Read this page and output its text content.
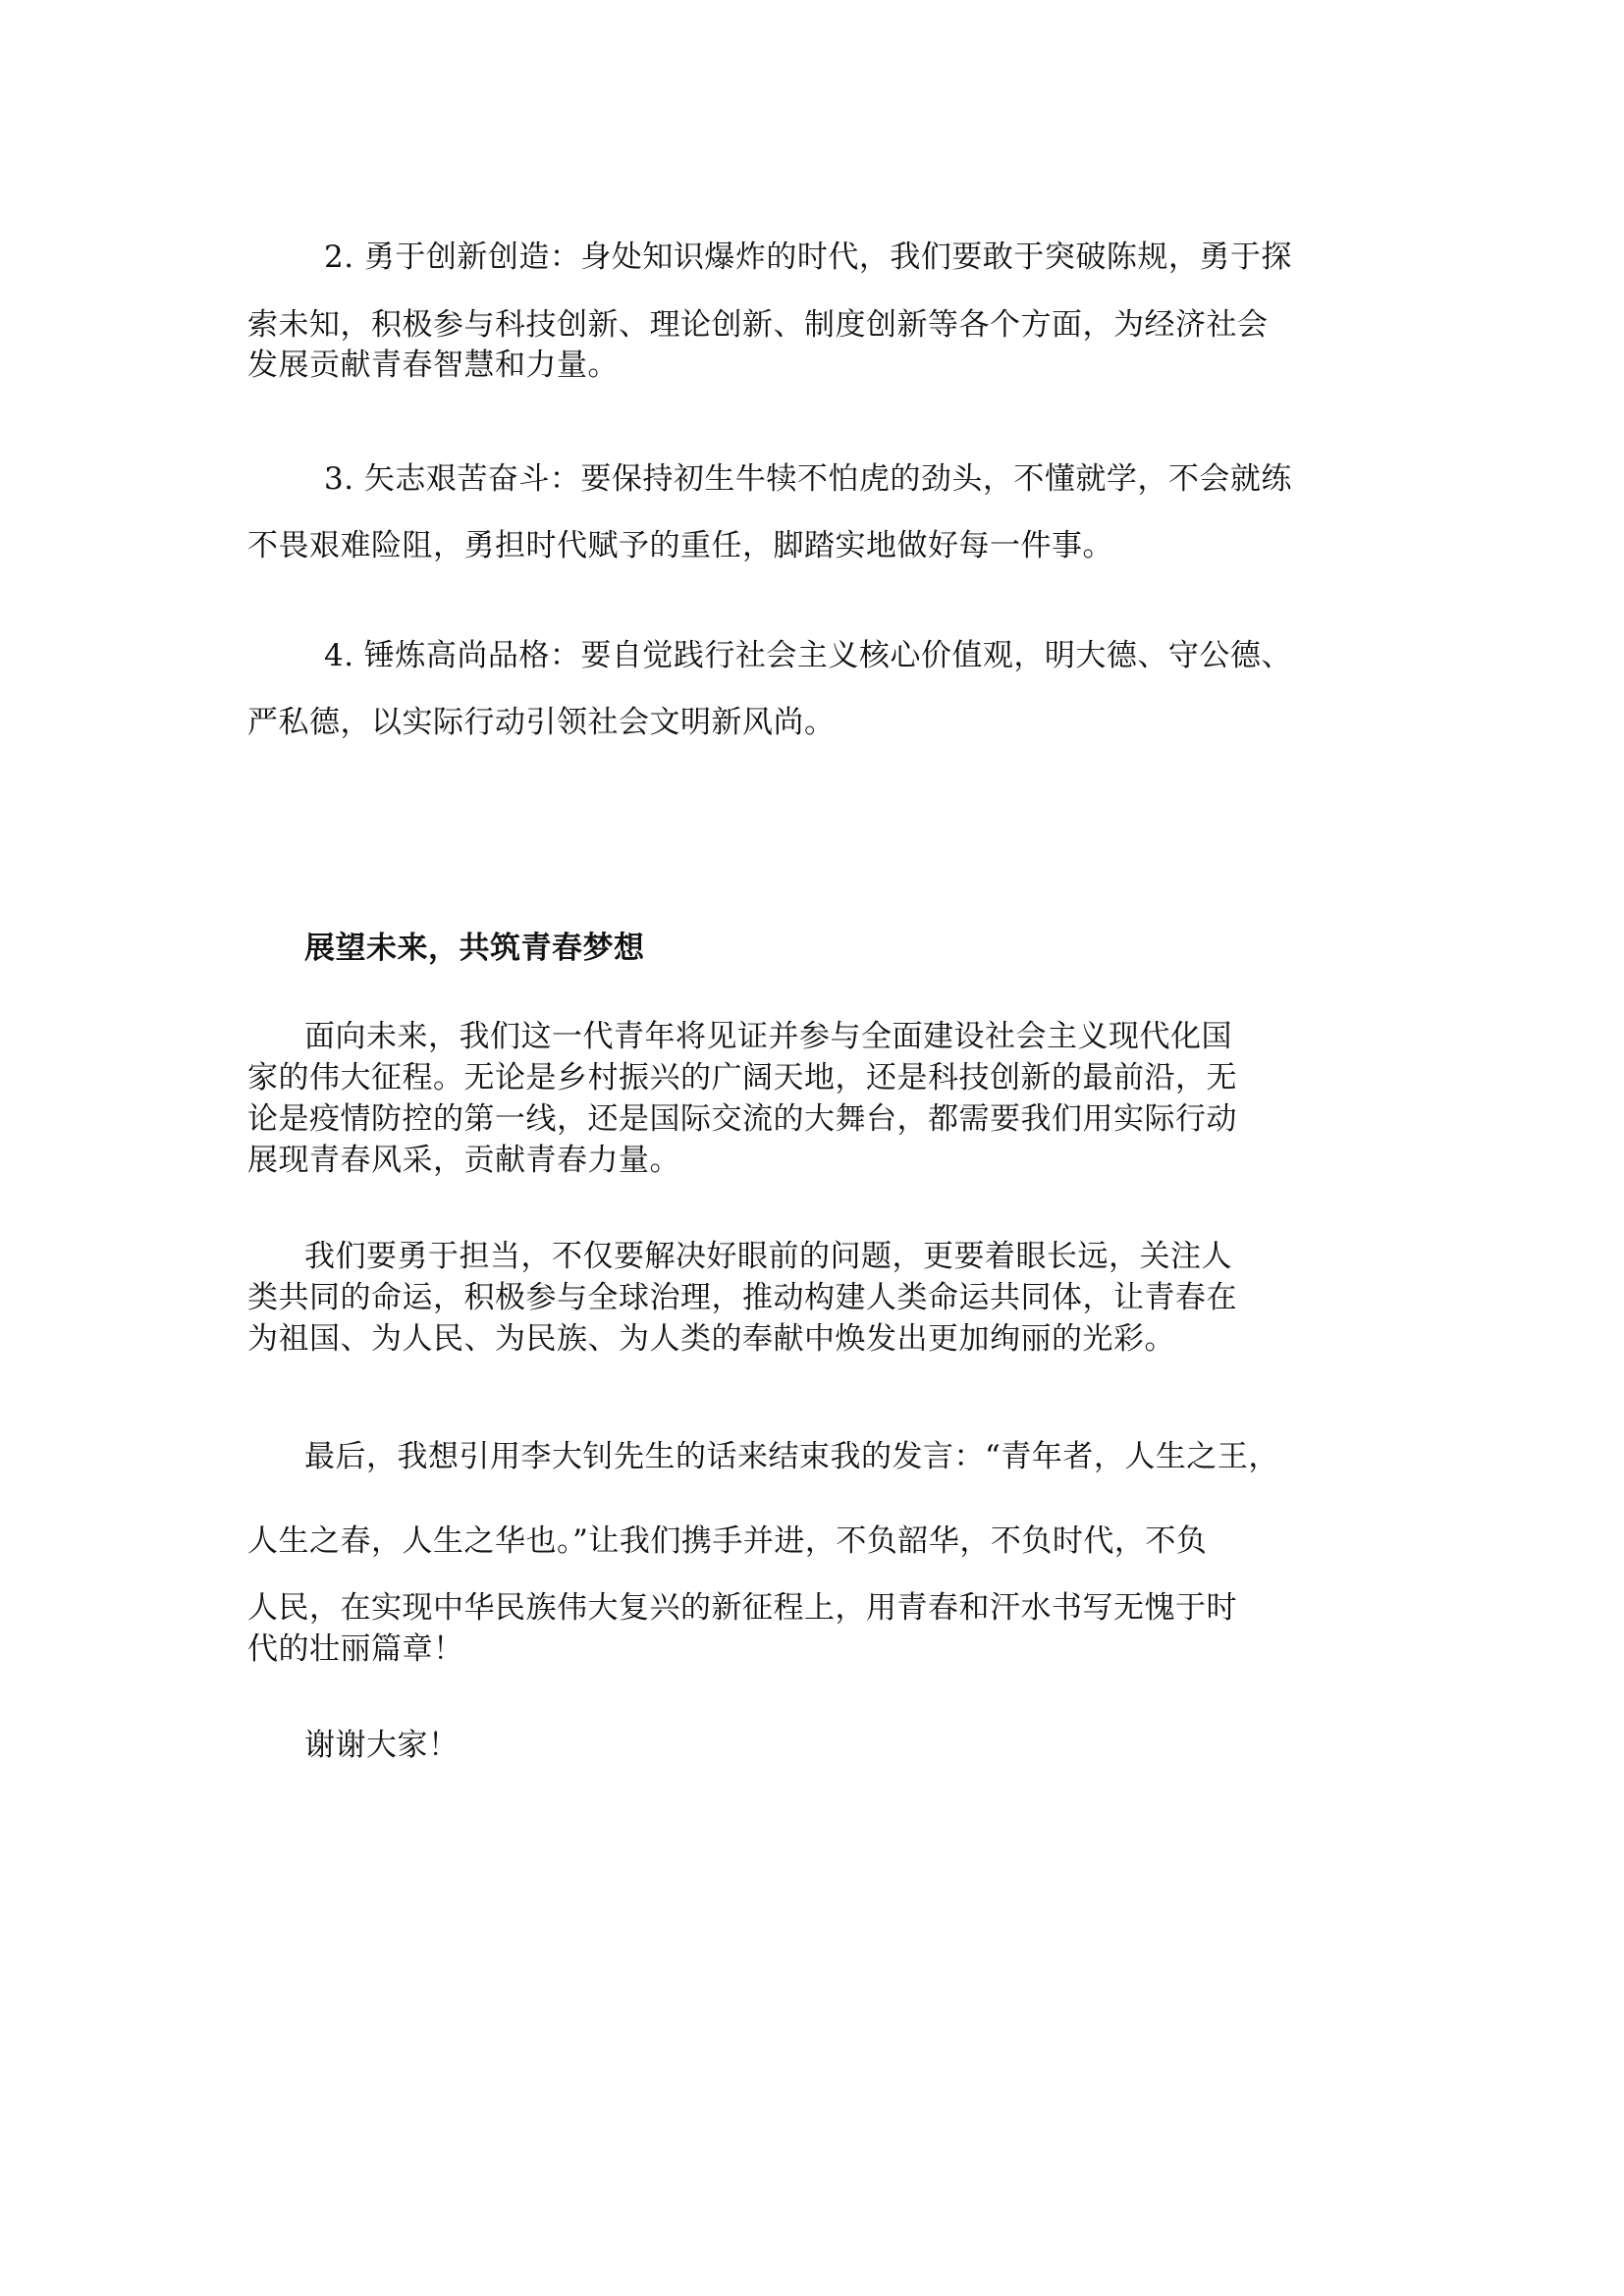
2. 勇于创新创造：身处知识爆炸的时代，我们要敢于突破陈规，勇于探
索未知，积极参与科技创新、理论创新、制度创新等各个方面，为经济社会
发展贡献青春智慧和力量。
3. 矢志艰苦奋斗：要保持初生牛犊不怕虎的劲头，不懂就学，不会就练
不畏艰难险阻，勇担时代赋予的重任，脚踏实地做好每一件事。
4. 锤炼高尚品格：要自觉践行社会主义核心价值观，明大德、守公德、
严私德，以实际行动引领社会文明新风尚。
展望未来，共筑青春梦想
面向未来，我们这一代青年将见证并参与全面建设社会主义现代化国
家的伟大征程。无论是乡村振兴的广阔天地，还是科技创新的最前沿，无
论是疫情防控的第一线，还是国际交流的大舞台，都需要我们用实际行动
展现青春风采，贡献青春力量。
我们要勇于担当，不仅要解决好眼前的问题，更要着眼长远，关注人
类共同的命运，积极参与全球治理，推动构建人类命运共同体，让青春在
为祖国、为人民、为民族、为人类的奉献中焕发出更加绚丽的光彩。
最后，我想引用李大钊先生的话来结束我的发言：“青年者，人生之王，
人生之春，人生之华也。”让我们携手并进，不负韶华，不负时代，不负
人民，在实现中华民族伟大复兴的新征程上，用青春和汗水书写无愧于时
代的壮丽篇章！
谢谢大家！
